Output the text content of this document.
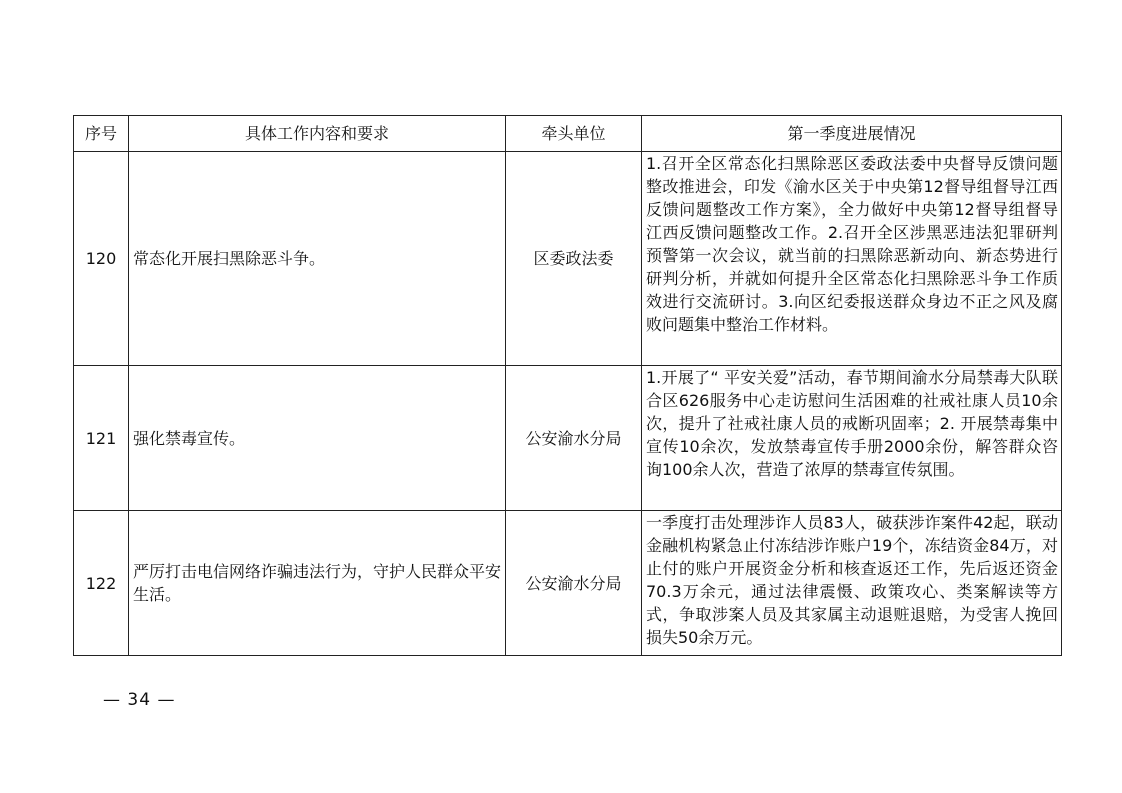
序号	具体工作内容和要求	牵头单位	第一季度进展情况
120	常态化开展扫黑除恶斗争。	区委政法委	1.召开全区常态化扫黑除恶区委政法委中央督导反馈问题整改推进会，印发《渝水区关于中央第12督导组督导江西反馈问题整改工作方案》，全力做好中央第12督导组督导江西反馈问题整改工作。2.召开全区涉黑恶违法犯罪研判预警第一次会议，就当前的扫黑除恶新动向、新态势进行研判分析，并就如何提升全区常态化扫黑除恶斗争工作质效进行交流研讨。3.向区纪委报送群众身边不正之风及腐败问题集中整治工作材料。
121	强化禁毒宣传。	公安渝水分局	1.开展了“ 平安关爱”活动，春节期间渝水分局禁毒大队联合区626服务中心走访慰问生活困难的社戒社康人员10余次，提升了社戒社康人员的戒断巩固率；2. 开展禁毒集中宣传10余次，发放禁毒宣传手册2000余份，解答群众咨询100余人次，营造了浓厚的禁毒宣传氛围。
122	严厉打击电信网络诈骗违法行为，守护人民群众平安生活。	公安渝水分局	一季度打击处理涉诈人员83人，破获涉诈案件42起，联动金融机构紧急止付冻结涉诈账户19个，冻结资金84万，对止付的账户开展资金分析和核查返还工作，先后返还资金70.3万余元，通过法律震慑、政策攻心、类案解读等方式，争取涉案人员及其家属主动退赃退赔，为受害人挽回损失50余万元。
— 34 —
